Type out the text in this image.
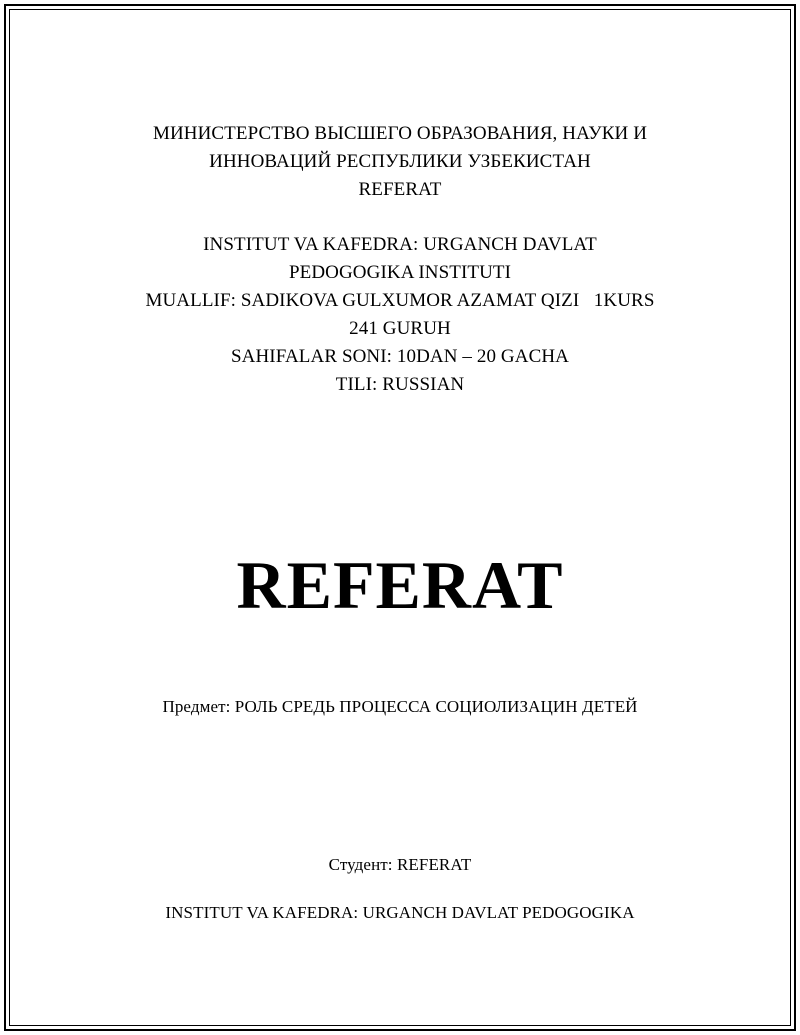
МИНИСТЕРСТВО ВЫСШЕГО ОБРАЗОВАНИЯ, НАУКИ И
ИННОВАЦИЙ РЕСПУБЛИКИ УЗБЕКИСТАН
REFERAT
INSTITUT VA KAFEDRA: URGANCH DAVLAT
PEDOGOGIKA INSTITUTI
MUALLIF: SADIKOVA GULXUMOR AZAMAT QIZI   1KURS
241 GURUH
SAHIFALAR SONI: 10DAN – 20 GACHA
TILI: RUSSIAN
REFERAT
Предмет: РОЛЬ СРЕДЬ ПРОЦЕССА СОЦИОЛИЗАЦИН ДЕТЕЙ
Студент: REFERAT
INSTITUT VA KAFEDRA: URGANCH DAVLAT PEDOGOGIKA
